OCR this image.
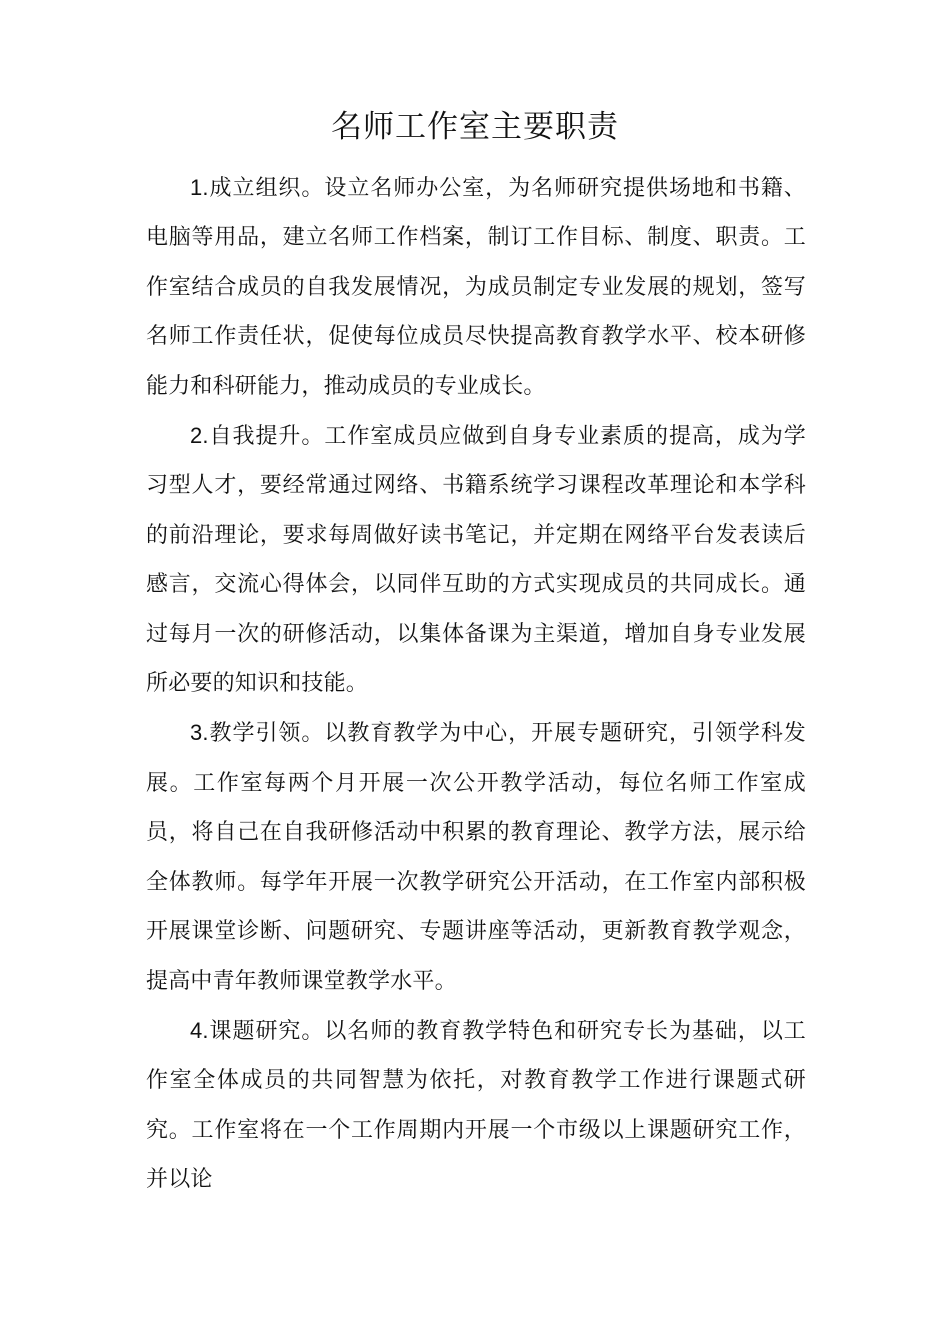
名师工作室主要职责

1.成立组织。设立名师办公室，为名师研究提供场地和书籍、电脑等用品，建立名师工作档案，制订工作目标、制度、职责。工作室结合成员的自我发展情况，为成员制定专业发展的规划，签写名师工作责任状，促使每位成员尽快提高教育教学水平、校本研修能力和科研能力，推动成员的专业成长。

2.自我提升。工作室成员应做到自身专业素质的提高，成为学习型人才，要经常通过网络、书籍系统学习课程改革理论和本学科的前沿理论，要求每周做好读书笔记，并定期在网络平台发表读后感言，交流心得体会，以同伴互助的方式实现成员的共同成长。通过每月一次的研修活动，以集体备课为主渠道，增加自身专业发展所必要的知识和技能。

3.教学引领。以教育教学为中心，开展专题研究，引领学科发展。工作室每两个月开展一次公开教学活动，每位名师工作室成员，将自己在自我研修活动中积累的教育理论、教学方法，展示给全体教师。每学年开展一次教学研究公开活动，在工作室内部积极开展课堂诊断、问题研究、专题讲座等活动，更新教育教学观念，提高中青年教师课堂教学水平。

4.课题研究。以名师的教育教学特色和研究专长为基础，以工作室全体成员的共同智慧为依托，对教育教学工作进行课题式研究。工作室将在一个工作周期内开展一个市级以上课题研究工作，并以论
